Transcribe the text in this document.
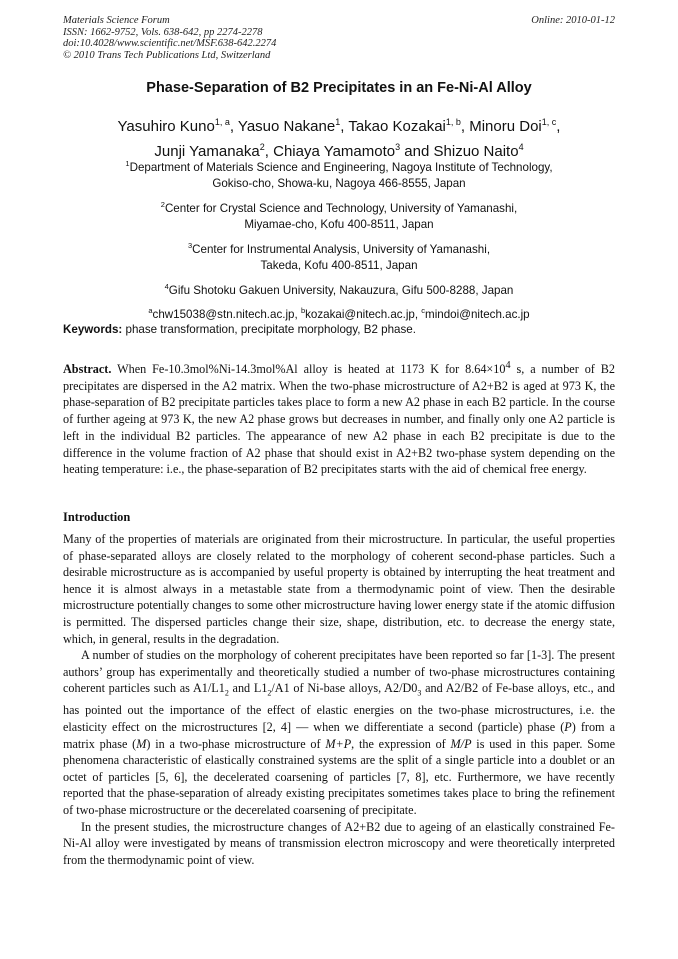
Materials Science Forum
ISSN: 1662-9752, Vols. 638-642, pp 2274-2278
doi:10.4028/www.scientific.net/MSF.638-642.2274
© 2010 Trans Tech Publications Ltd, Switzerland
Online: 2010-01-12
Phase-Separation of B2 Precipitates in an Fe-Ni-Al Alloy
Yasuhiro Kuno$^{1, a}$, Yasuo Nakane$^1$, Takao Kozakai$^{1, b}$, Minoru Doi$^{1, c}$,
Junji Yamanaka$^2$, Chiaya Yamamoto$^3$ and Shizuo Naito$^4$
$^1$Department of Materials Science and Engineering, Nagoya Institute of Technology,
Gokiso-cho, Showa-ku, Nagoya 466-8555, Japan
$^2$Center for Crystal Science and Technology, University of Yamanashi,
Miyamae-cho, Kofu 400-8511, Japan
$^3$Center for Instrumental Analysis, University of Yamanashi,
Takeda, Kofu 400-8511, Japan
$^4$Gifu Shotoku Gakuen University, Nakauzura, Gifu 500-8288, Japan
$^a$chw15038@stn.nitech.ac.jp, $^b$kozakai@nitech.ac.jp, $^c$mindoi@nitech.ac.jp
Keywords: phase transformation, precipitate morphology, B2 phase.
Abstract. When Fe-10.3mol%Ni-14.3mol%Al alloy is heated at 1173 K for $8.64\times 10^4$ s, a number of B2 precipitates are dispersed in the A2 matrix. When the two-phase microstructure of A2+B2 is aged at 973 K, the phase-separation of B2 precipitate particles takes place to form a new A2 phase in each B2 particle. In the course of further ageing at 973 K, the new A2 phase grows but decreases in number, and finally only one A2 particle is left in the individual B2 particles. The appearance of new A2 phase in each B2 precipitate is due to the difference in the volume fraction of A2 phase that should exist in A2+B2 two-phase system depending on the heating temperature: i.e., the phase-separation of B2 precipitates starts with the aid of chemical free energy.
Introduction

Many of the properties of materials are originated from their microstructure. In particular, the useful properties of phase-separated alloys are closely related to the morphology of coherent second-phase particles. Such a desirable microstructure as is accompanied by useful property is obtained by interrupting the heat treatment and hence it is almost always in a metastable state from a thermodynamic point of view. Then the desirable microstructure potentially changes to some other microstructure having lower energy state if the atomic diffusion is permitted. The dispersed particles change their size, shape, distribution, etc. to decrease the energy state, which, in general, results in the degradation.

A number of studies on the morphology of coherent precipitates have been reported so far [1-3]. The present authors’ group has experimentally and theoretically studied a number of two-phase microstructures containing coherent particles such as $A1/L1_2$ and $L1_2/A1$ of Ni-base alloys, $A2/D0_3$ and A2/B2 of Fe-base alloys, etc., and has pointed out the importance of the effect of elastic energies on the two-phase microstructures, i.e. the elasticity effect on the microstructures [2, 4] — when we differentiate a second (particle) phase (P) from a matrix phase (M) in a two-phase microstructure of M+P, the expression of M/P is used in this paper. Some phenomena characteristic of elastically constrained systems are the split of a single particle into a doublet or an octet of particles [5, 6], the decelerated coarsening of particles [7, 8], etc. Furthermore, we have recently reported that the phase-separation of already existing precipitates sometimes takes place to bring the refinement of two-phase microstructure or the decerelated coarsening of precipitate.

In the present studies, the microstructure changes of A2+B2 due to ageing of an elastically constrained Fe-Ni-Al alloy were investigated by means of transmission electron microscopy and were theoretically interpreted from the thermodynamic point of view.
